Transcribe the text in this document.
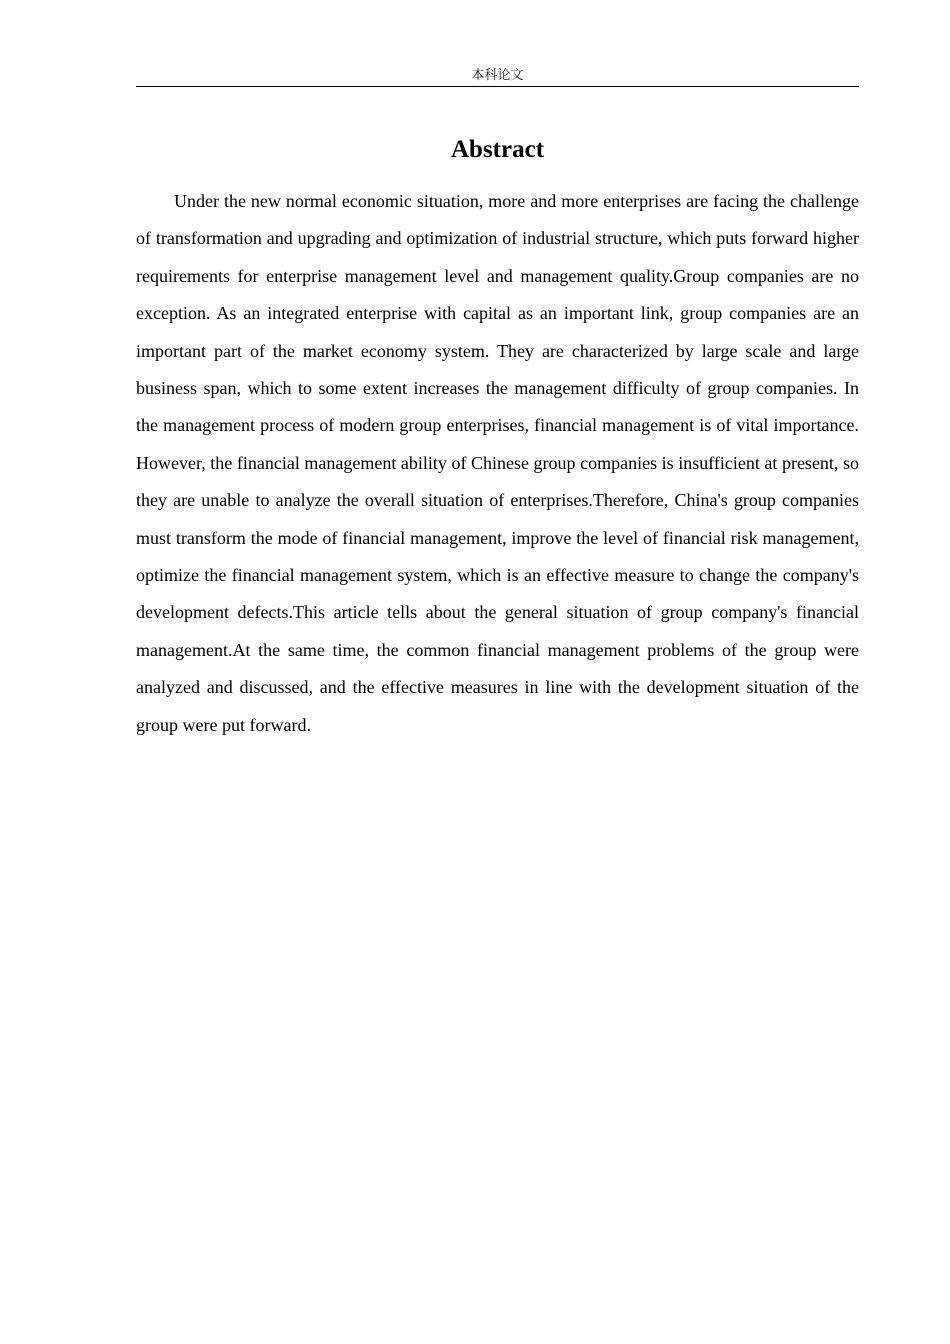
本科论文
Abstract

Under the new normal economic situation, more and more enterprises are facing the challenge of transformation and upgrading and optimization of industrial structure, which puts forward higher requirements for enterprise management level and management quality.Group companies are no exception. As an integrated enterprise with capital as an important link, group companies are an important part of the market economy system. They are characterized by large scale and large business span, which to some extent increases the management difficulty of group companies. In the management process of modern group enterprises, financial management is of vital importance. However, the financial management ability of Chinese group companies is insufficient at present, so they are unable to analyze the overall situation of enterprises.Therefore, China's group companies must transform the mode of financial management, improve the level of financial risk management, optimize the financial management system, which is an effective measure to change the company's development defects.This article tells about the general situation of group company's financial management.At the same time, the common financial management problems of the group were analyzed and discussed, and the effective measures in line with the development situation of the group were put forward.
